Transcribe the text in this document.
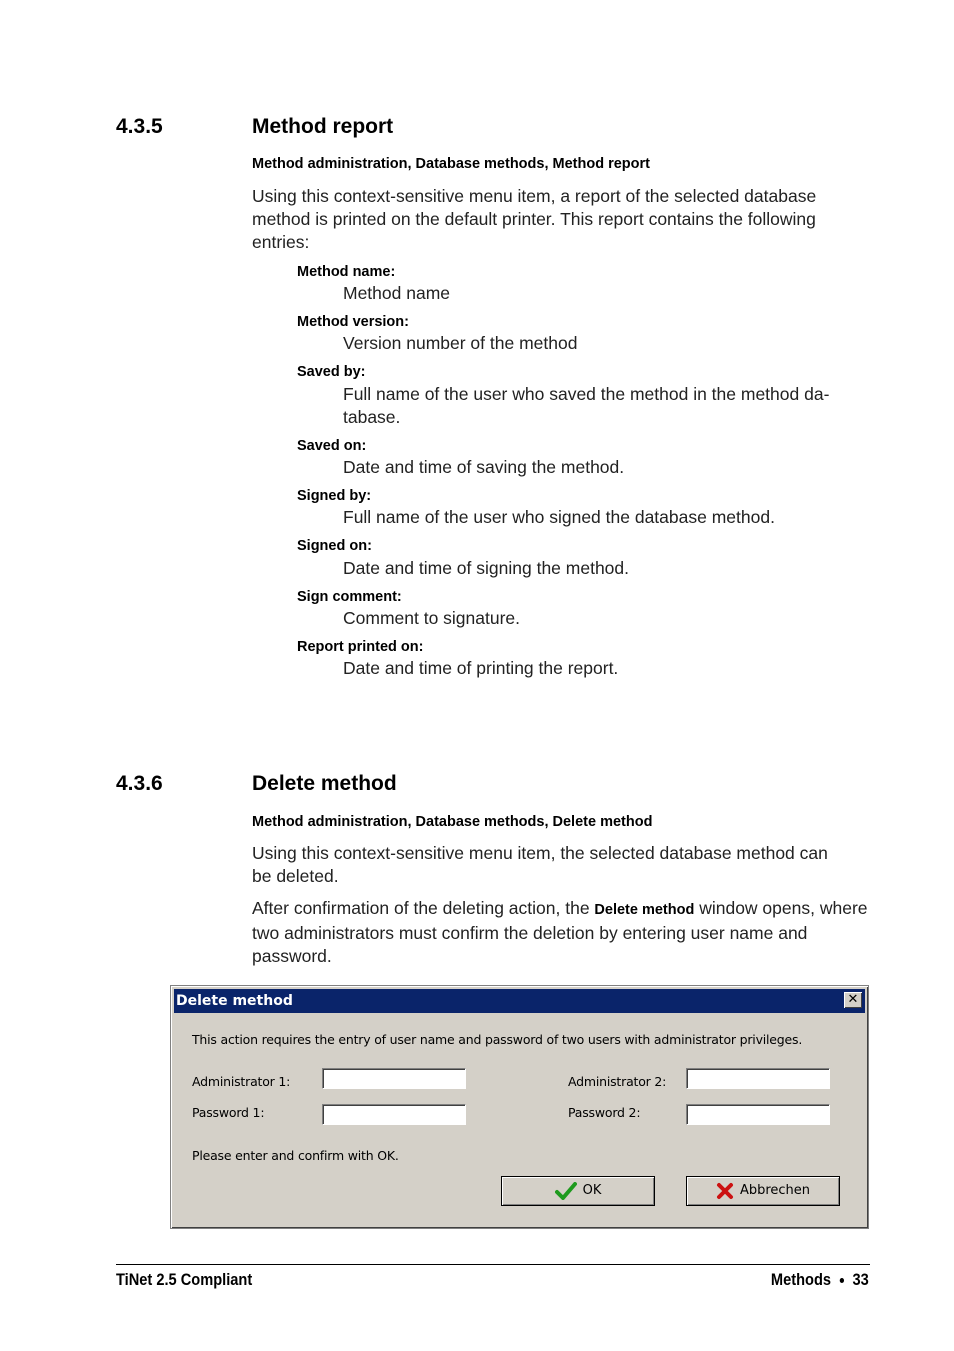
4.3.5	Method report
Method administration, Database methods, Method report

Using this context-sensitive menu item, a report of the selected database method is printed on the default printer. This report contains the following entries:

Method name:
Method name
Method version:
Version number of the method
Saved by:
Full name of the user who saved the method in the method da-tabase.
Saved on:
Date and time of saving the method.
Signed by:
Full name of the user who signed the database method.
Signed on:
Date and time of signing the method.
Sign comment:
Comment to signature.
Report printed on:
Date and time of printing the report.
4.3.6	Delete method
Method administration, Database methods, Delete method

Using this context-sensitive menu item, the selected database method can be deleted.

After confirmation of the deleting action, the Delete method window opens, where two administrators must confirm the deletion by entering user name and password.

Delete method	✕
This action requires the entry of user name and password of two users with administrator privileges.
Administrator 1:
Password 1:
Administrator 2:
Password 2:
Please enter and confirm with OK.
OK	Abbrechen
TiNet 2.5 Compliant	Methods 33
